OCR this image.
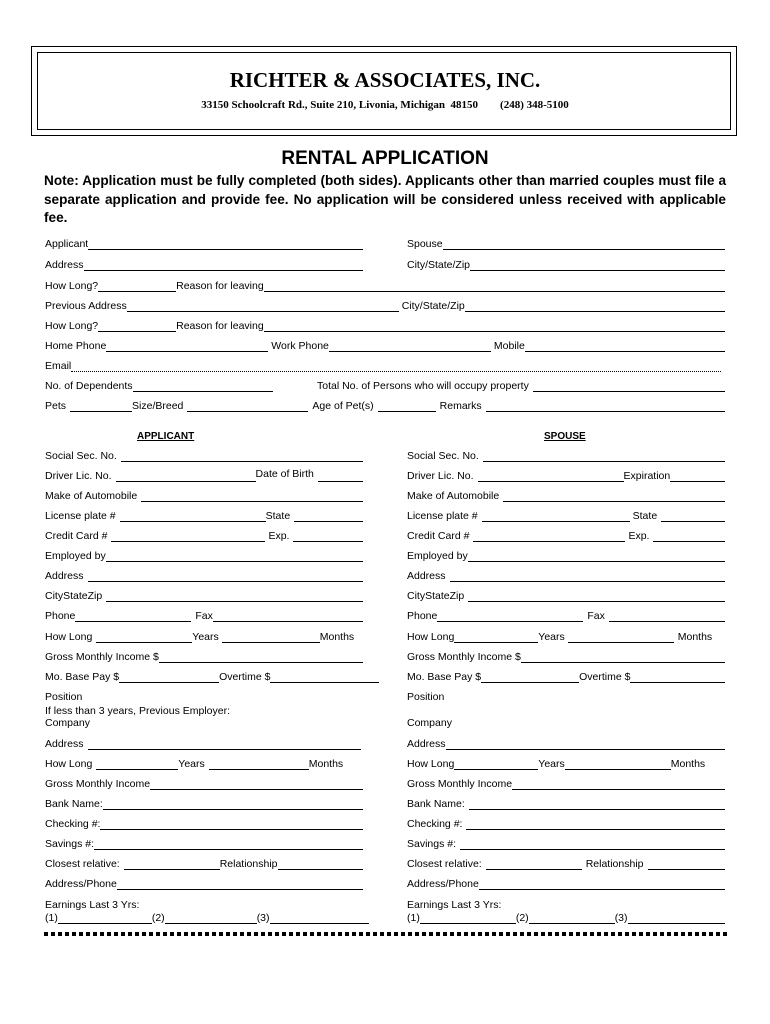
RICHTER & ASSOCIATES, INC.
33150 Schoolcraft Rd., Suite 210, Livonia, Michigan  48150        (248) 348-5100
RENTAL APPLICATION
Note: Application must be fully completed (both sides). Applicants other than married couples must file a separate application and provide fee. No application will be considered unless received with applicable fee.
Applicant	Spouse
Address	City/State/Zip
How Long?	Reason for leaving
Previous Address	City/State/Zip
How Long?	Reason for leaving
Home Phone	Work Phone	Mobile
Email
No. of Dependents	Total No. of Persons who will occupy property
Pets	Size/Breed	Age of Pet(s)	Remarks
APPLICANT	SPOUSE
Social Sec. No.
Driver Lic. No.	Date of Birth
Make of Automobile
License plate #	State
Credit Card #	Exp.
Employed by
Address
CityStateZip
Phone	Fax
How Long	Years	Months
Gross Monthly Income $
Mo. Base Pay $	Overtime $
Position
If less than 3 years, Previous Employer:
Company
Address
How Long	Years	Months
Gross Monthly Income
Bank Name:
Checking #:
Savings #:
Closest relative:	Relationship
Address/Phone
Earnings Last 3 Yrs:
(1)	(2)	(3)
Social Sec. No.
Driver Lic. No.	Expiration
Make of Automobile
License plate #	State
Credit Card #	Exp.
Employed by
Address
CityStateZip
Phone	Fax
How Long	Years	Months
Gross Monthly Income $
Mo. Base Pay $	Overtime $
Position
Company
Address
How Long	Years	Months
Gross Monthly Income
Bank Name:
Checking #:
Savings #:
Closest relative:	Relationship
Address/Phone
Earnings Last 3 Yrs:
(1)	(2)	(3)
